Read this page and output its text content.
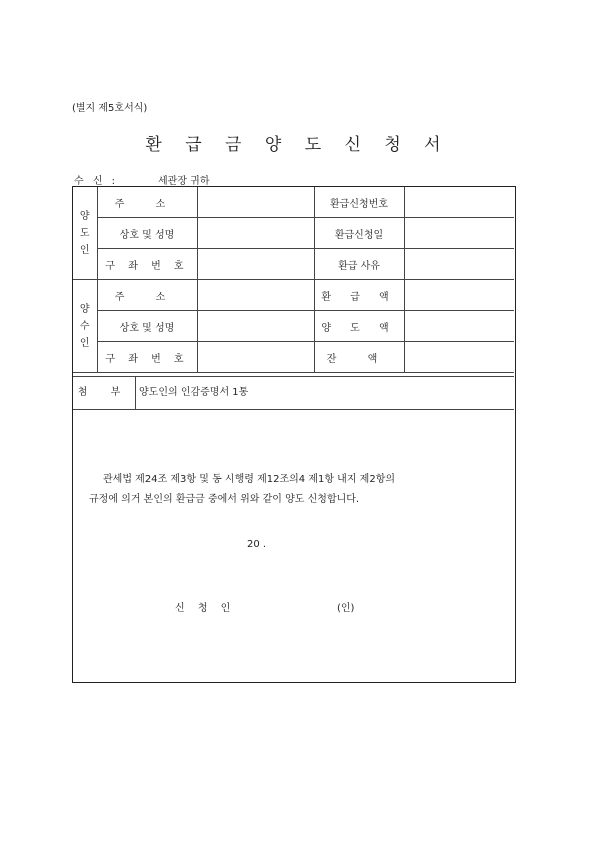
(별지 제5호서식)
환 급 금 양 도 신 청 서
수 신 :	세관장 귀하
양
도
인	주 소		환급신청번호	
	상호 및 성명		환급신청일	
	구 좌 번 호		환급 사유	

양
수
인	주 소		환 급 액	
	상호 및 성명		양 도 액	
	구 좌 번 호		잔 액	
첨 부 양도인의 인감증명서 1통

관세법 제24조 제3항 및 동 시행령 제12조의4 제1항 내지 제2항의

규정에 의거 본인의 환급금 중에서 위와 같이 양도 신청합니다.

20 .
신 청 인	(인)
